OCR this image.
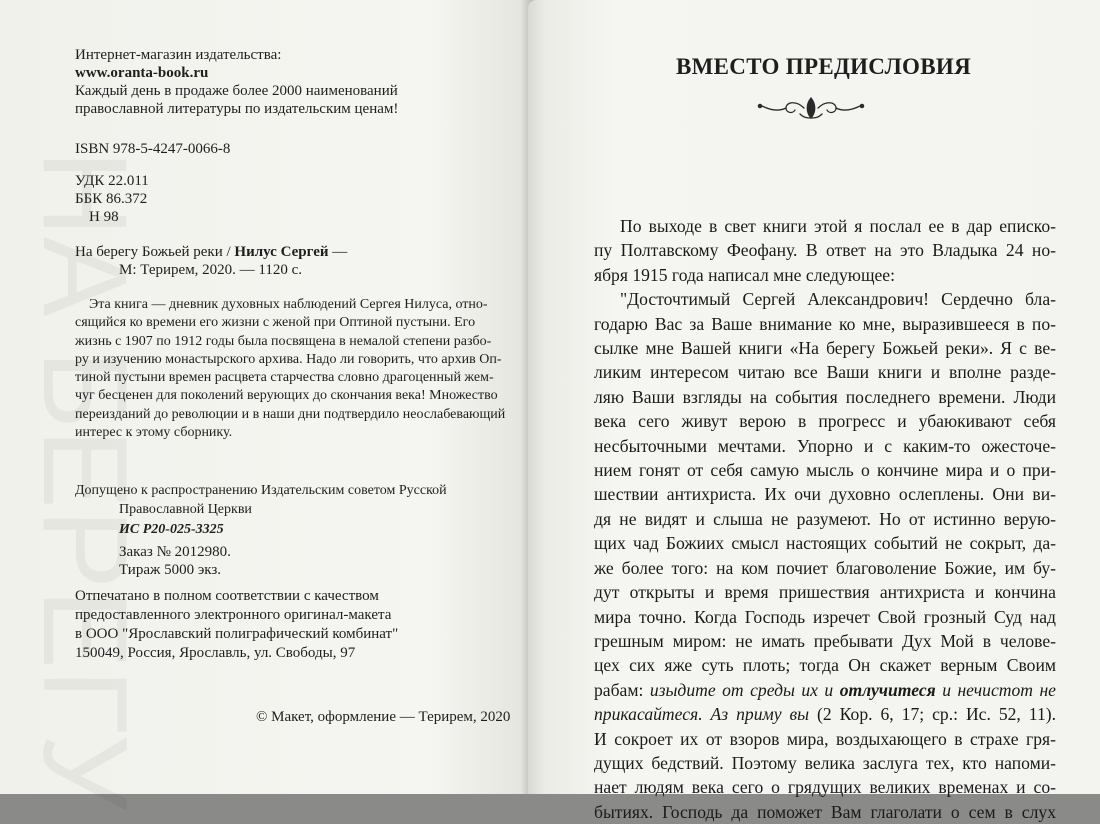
Интернет-магазин издательства:
www.oranta-book.ru
Каждый день в продаже более 2000 наименований
православной литературы по издательским ценам!
ISBN 978-5-4247-0066-8
УДК 22.011
ББК 86.372
Н 98
На берегу Божьей реки / Нилус Сергей —
М: Терирем, 2020. — 1120 с.
Эта книга — дневник духовных наблюдений Сергея Нилуса, отно-
сящийся ко времени его жизни с женой при Оптиной пустыни. Его
жизнь с 1907 по 1912 годы была посвящена в немалой степени разбо-
ру и изучению монастырского архива. Надо ли говорить, что архив Оп-
тиной пустыни времен расцвета старчества словно драгоценный жем-
чуг бесценен для поколений верующих до скончания века! Множество
переизданий до революции и в наши дни подтвердило неослабевающий
интерес к этому сборнику.
Допущено к распространению Издательским советом Русской
Православной Церкви
ИС Р20-025-3325
Заказ № 2012980.
Тираж 5000 экз.
Отпечатано в полном соответствии с качеством
предоставленного электронного оригинал-макета
в ООО "Ярославский полиграфический комбинат"
150049, Россия, Ярославль, ул. Свободы, 97
© Макет, оформление — Терирем, 2020
ВМЕСТО ПРЕДИСЛОВИЯ
По выходе в свет книги этой я послал ее в дар еписко-
пу Полтавскому Феофану. В ответ на это Владыка 24 но-
ября 1915 года написал мне следующее:
"Досточтимый Сергей Александрович! Сердечно бла-
годарю Вас за Ваше внимание ко мне, выразившееся в по-
сылке мне Вашей книги «На берегу Божьей реки». Я с ве-
ликим интересом читаю все Ваши книги и вполне разде-
ляю Ваши взгляды на события последнего времени. Люди
века сего живут верою в прогресс и убаюкивают себя
несбыточными мечтами. Упорно и с каким-то ожесточе-
нием гонят от себя самую мысль о кончине мира и о при-
шествии антихриста. Их очи духовно ослеплены. Они ви-
дя не видят и слыша не разумеют. Но от истинно верую-
щих чад Божиих смысл настоящих событий не сокрыт, да-
же более того: на ком почиет благоволение Божие, им бу-
дут открыты и время пришествия антихриста и кончина
мира точно. Когда Господь изречет Свой грозный Суд над
грешным миром: не имать пребывати Дух Мой в челове-
цех сих яже суть плоть; тогда Он скажет верным Своим
рабам: изыдите от среды их и отлучитеся и нечистот не
прикасайтеся. Аз приму вы (2 Кор. 6, 17; ср.: Ис. 52, 11).
И сокроет их от взоров мира, воздыхающего в страхе гря-
дущих бедствий. Поэтому велика заслуга тех, кто напоми-
нает людям века сего о грядущих великих временах и со-
бытиях. Господь да поможет Вам глаголати о сем в слух
